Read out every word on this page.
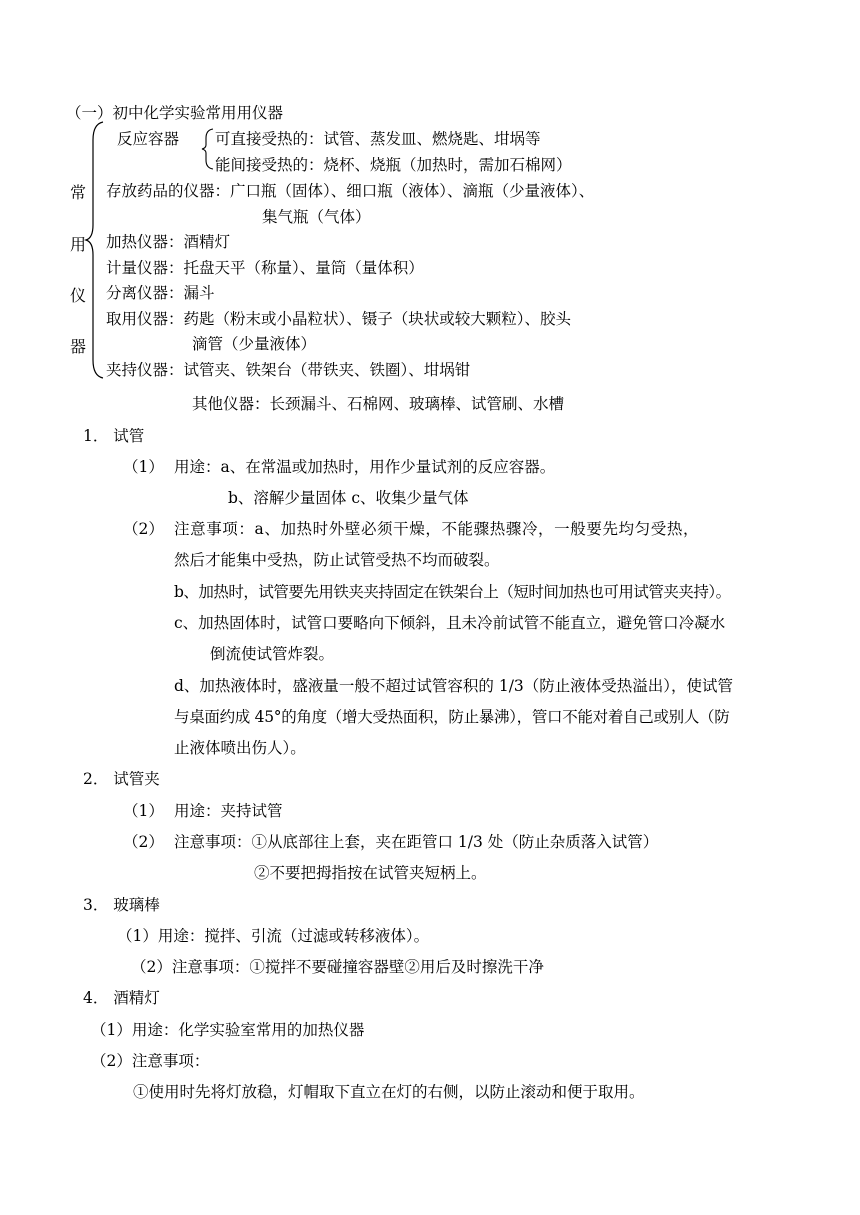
（一）初中化学实验常用用仪器
常
用
仪
器
反应容器 可直接受热的：试管、蒸发皿、燃烧匙、坩埚等
能间接受热的：烧杯、烧瓶（加热时，需加石棉网）
存放药品的仪器：广口瓶（固体）、细口瓶（液体）、滴瓶（少量液体）、
集气瓶（气体）
加热仪器：酒精灯
计量仪器：托盘天平（称量）、量筒（量体积）
分离仪器：漏斗
取用仪器：药匙（粉末或小晶粒状）、镊子（块状或较大颗粒）、胶头
滴管（少量液体）
夹持仪器：试管夹、铁架台（带铁夹、铁圈）、坩埚钳
其他仪器：长颈漏斗、石棉网、玻璃棒、试管刷、水槽
1． 试管
（1） 用途：a、在常温或加热时，用作少量试剂的反应容器。
b、溶解少量固体 c、收集少量气体
（2） 注意事项：a、加热时外壁必须干燥，不能骤热骤冷，一般要先均匀受热，
然后才能集中受热，防止试管受热不均而破裂。
b、加热时，试管要先用铁夹夹持固定在铁架台上（短时间加热也可用试管夹夹持）。
c、加热固体时，试管口要略向下倾斜，且未冷前试管不能直立，避免管口冷凝水
倒流使试管炸裂。
d、加热液体时，盛液量一般不超过试管容积的 1/3（防止液体受热溢出），使试管
与桌面约成 45°的角度（增大受热面积，防止暴沸），管口不能对着自己或别人（防
止液体喷出伤人）。
2． 试管夹
（1） 用途：夹持试管
（2） 注意事项：①从底部往上套，夹在距管口 1/3 处（防止杂质落入试管）
②不要把拇指按在试管夹短柄上。
3． 玻璃棒
（1）用途：搅拌、引流（过滤或转移液体）。
（2）注意事项：①搅拌不要碰撞容器壁②用后及时擦洗干净
4． 酒精灯
（1）用途：化学实验室常用的加热仪器
（2）注意事项：
①使用时先将灯放稳，灯帽取下直立在灯的右侧，以防止滚动和便于取用。
